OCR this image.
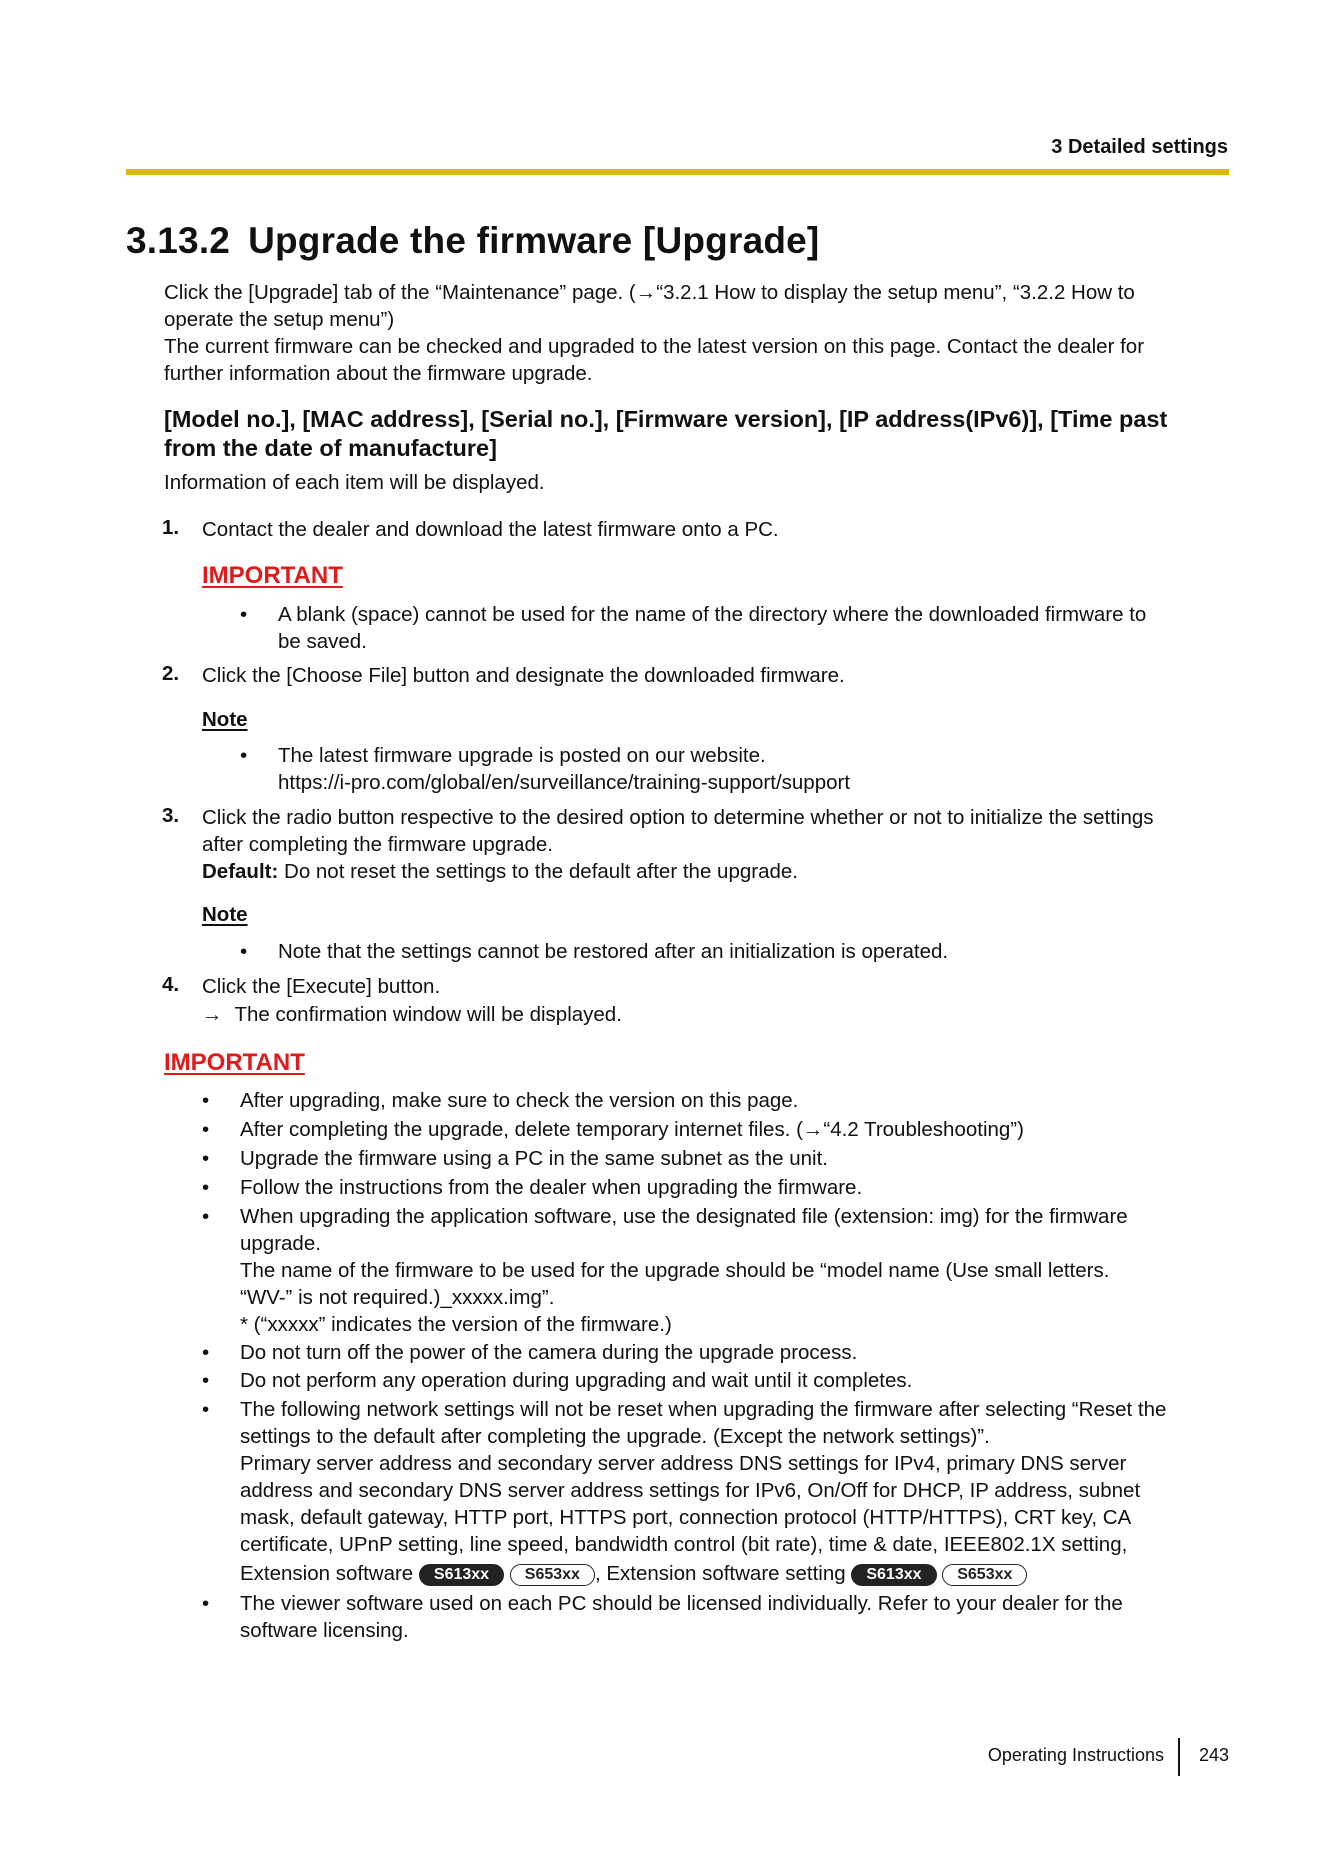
3 Detailed settings
3.13.2 Upgrade the firmware [Upgrade]
Click the [Upgrade] tab of the “Maintenance” page. (→“3.2.1 How to display the setup menu”, “3.2.2 How to
operate the setup menu”)
The current firmware can be checked and upgraded to the latest version on this page. Contact the dealer for
further information about the firmware upgrade.
[Model no.], [MAC address], [Serial no.], [Firmware version], [IP address(IPv6)], [Time past
from the date of manufacture]
Information of each item will be displayed.
1. Contact the dealer and download the latest firmware onto a PC.
IMPORTANT
• A blank (space) cannot be used for the name of the directory where the downloaded firmware to
be saved.
2. Click the [Choose File] button and designate the downloaded firmware.
Note
• The latest firmware upgrade is posted on our website.
https://i-pro.com/global/en/surveillance/training-support/support
3. Click the radio button respective to the desired option to determine whether or not to initialize the settings
after completing the firmware upgrade.
Default: Do not reset the settings to the default after the upgrade.
Note
• Note that the settings cannot be restored after an initialization is operated.
4. Click the [Execute] button.
→ The confirmation window will be displayed.
IMPORTANT
• After upgrading, make sure to check the version on this page.
• After completing the upgrade, delete temporary internet files. (→“4.2 Troubleshooting”)
• Upgrade the firmware using a PC in the same subnet as the unit.
• Follow the instructions from the dealer when upgrading the firmware.
• When upgrading the application software, use the designated file (extension: img) for the firmware
upgrade.
The name of the firmware to be used for the upgrade should be “model name (Use small letters.
“WV-” is not required.)_xxxxx.img”.
* (“xxxxx” indicates the version of the firmware.)
• Do not turn off the power of the camera during the upgrade process.
• Do not perform any operation during upgrading and wait until it completes.
• The following network settings will not be reset when upgrading the firmware after selecting “Reset the
settings to the default after completing the upgrade. (Except the network settings)”.
Primary server address and secondary server address DNS settings for IPv4, primary DNS server
address and secondary DNS server address settings for IPv6, On/Off for DHCP, IP address, subnet
mask, default gateway, HTTP port, HTTPS port, connection protocol (HTTP/HTTPS), CRT key, CA
certificate, UPnP setting, line speed, bandwidth control (bit rate), time & date, IEEE802.1X setting,
Extension software S613xx S653xx , Extension software setting S613xx S653xx
• The viewer software used on each PC should be licensed individually. Refer to your dealer for the
software licensing.
Operating Instructions 243
